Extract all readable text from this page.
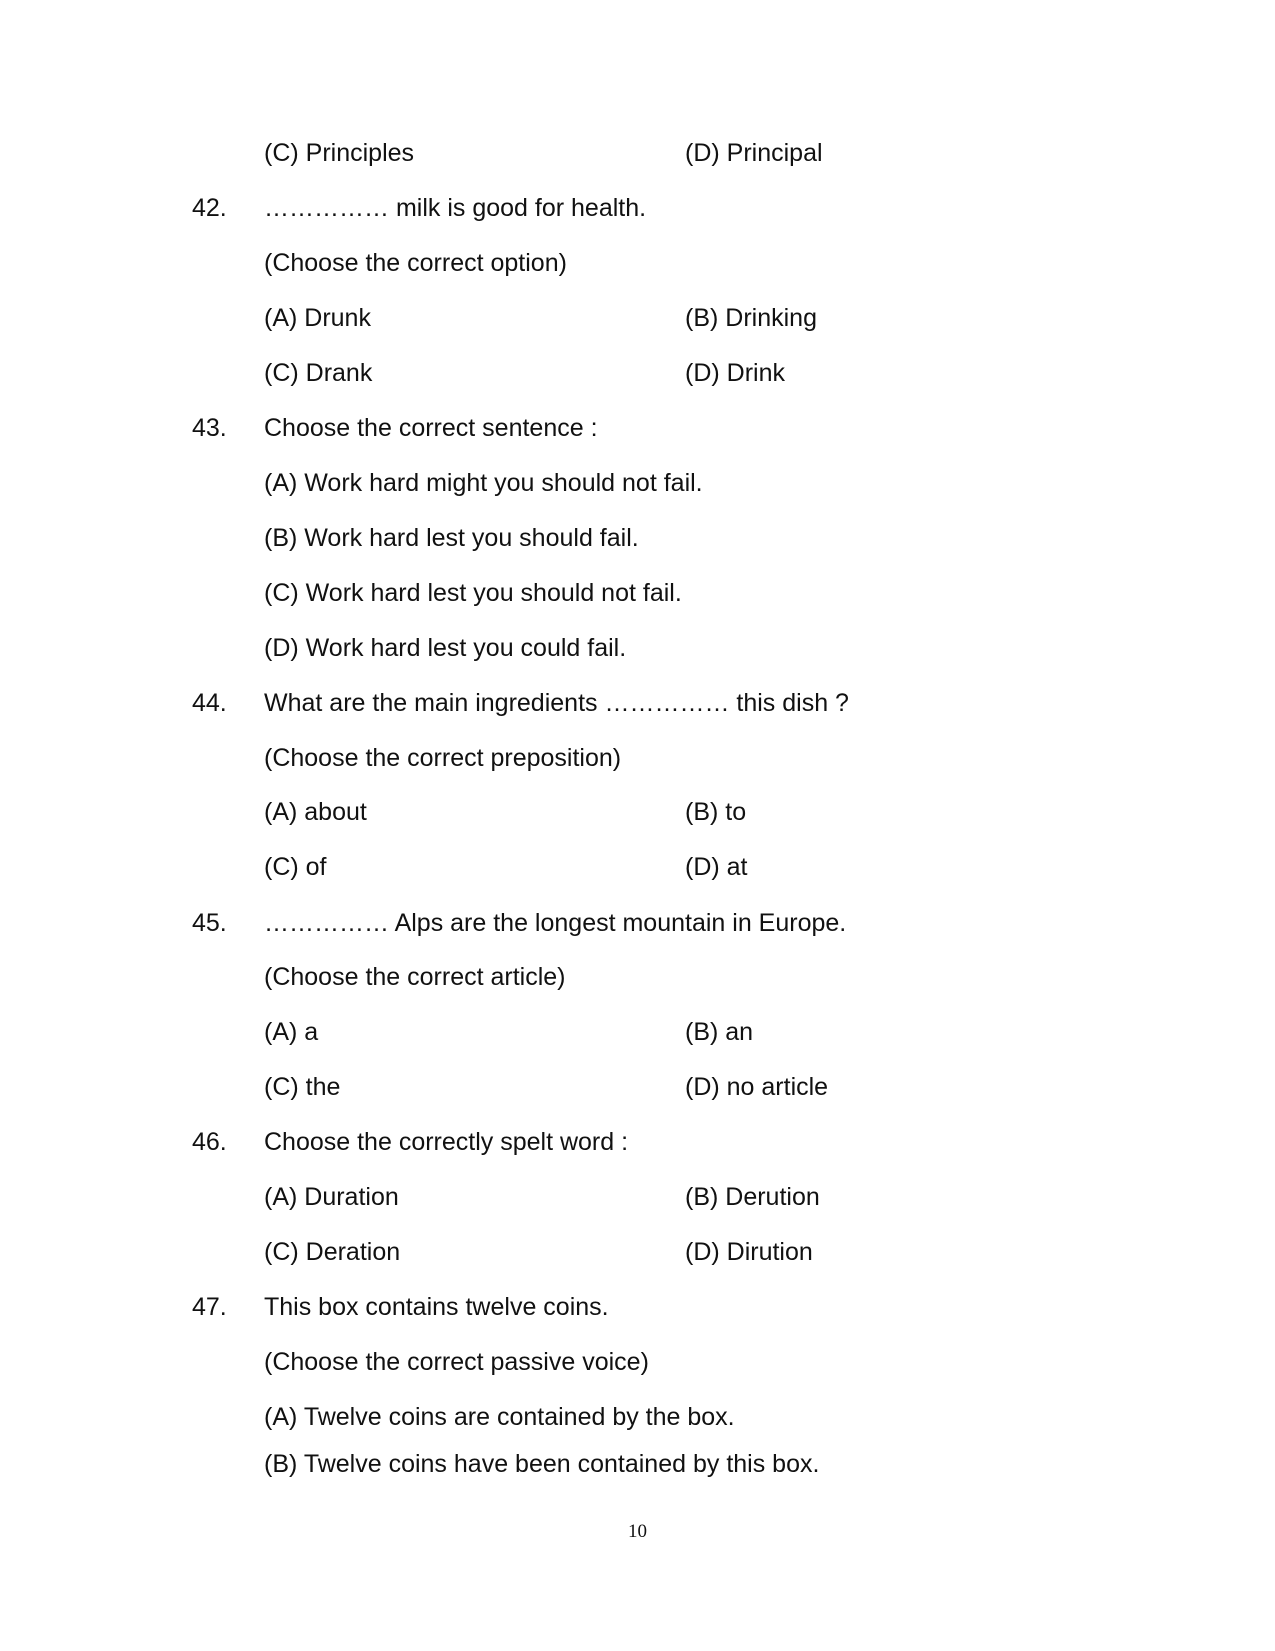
(C) Principles	(D) Principal
42. …………… milk is good for health.
(Choose the correct option)
(A) Drunk	(B) Drinking
(C) Drank	(D) Drink
43. Choose the correct sentence :
(A) Work hard might you should not fail.
(B) Work hard lest you should fail.
(C) Work hard lest you should not fail.
(D) Work hard lest you could fail.
44. What are the main ingredients …………… this dish ?
(Choose the correct preposition)
(A) about	(B) to
(C) of	(D) at
45. …………… Alps are the longest mountain in Europe.
(Choose the correct article)
(A) a	(B) an
(C) the	(D) no article
46. Choose the correctly spelt word :
(A) Duration	(B) Derution
(C) Deration	(D) Dirution
47. This box contains twelve coins.
(Choose the correct passive voice)
(A) Twelve coins are contained by the box.
(B) Twelve coins have been contained by this box.
10
